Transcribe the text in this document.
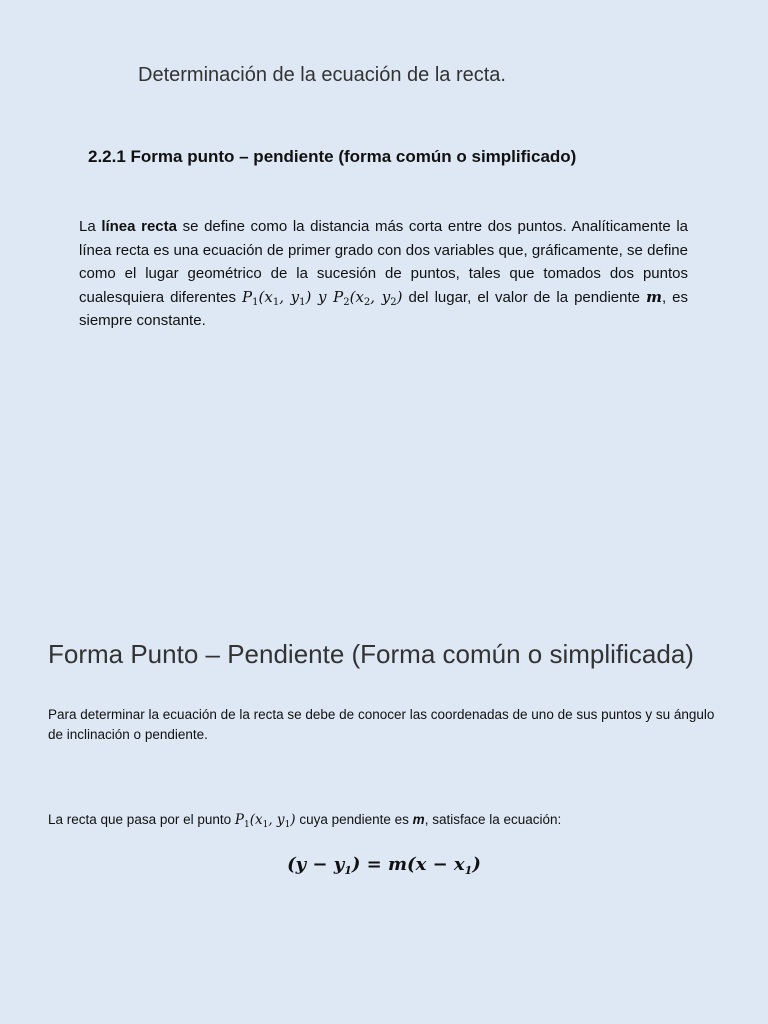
Determinación de la ecuación de la recta.
2.2.1 Forma punto – pendiente (forma común o simplificado)

La línea recta se define como la distancia más corta entre dos puntos. Analíticamente la línea recta es una ecuación de primer grado con dos variables que, gráficamente, se define como el lugar geométrico de la sucesión de puntos, tales que tomados dos puntos cualesquiera diferentes $P_1(x_1$, $y_1$) y $P_2(x_2$, $y_2$) del lugar, el valor de la pendiente m, es siempre constante.

Forma Punto – Pendiente (Forma común o simplificada)

Para determinar la ecuación de la recta se debe de conocer las coordenadas de uno de sus puntos y su ángulo de inclinación o pendiente.

La recta que pasa por el punto $P_1(x_1$, $y_1$) cuya pendiente es m, satisface la ecuación:

$(y - y_1) = m(x - x_1)$
